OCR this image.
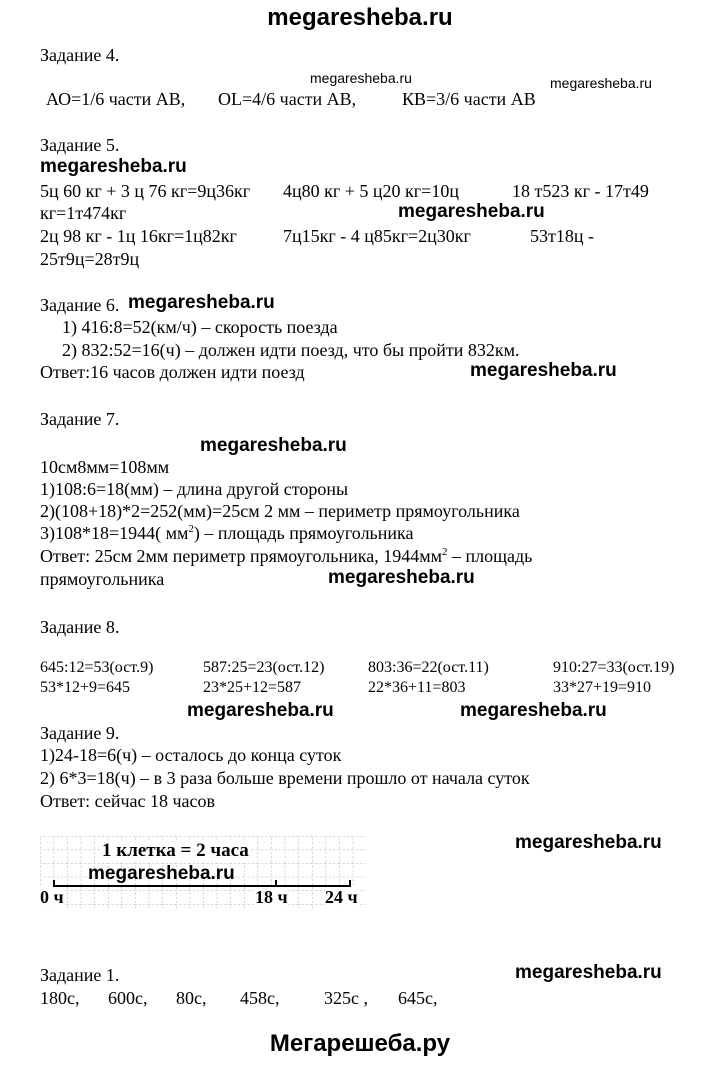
megaresheba.ru
Задание 4.
megaresheba.ru	megaresheba.ru
АО=1/6 части АВ, OL=4/6 части АВ,	КВ=3/6 части АВ
Задание 5.
megaresheba.ru
5ц 60 кг + 3 ц 76 кг=9ц36кг 4ц80 кг + 5 ц20 кг=10ц	18 т523 кг - 17т49
кг=1т474кг	megaresheba.ru
2ц 98 кг - 1ц 16кг=1ц82кг	7ц15кг - 4 ц85кг=2ц30кг	53т18ц -
25т9ц=28т9ц
Задание 6. megaresheba.ru
1) 416:8=52(км/ч) – скорость поезда
2) 832:52=16(ч) – должен идти поезд, что бы пройти 832км.
Ответ:16 часов должен идти поезд	megaresheba.ru
Задание 7.
megaresheba.ru
10см8мм=108мм
1)108:6=18(мм) – длина другой стороны
2)(108+18)*2=252(мм)=25см 2 мм – периметр прямоугольника
3)108*18=1944( $мм^2$) – площадь прямоугольника
Ответ: 25см 2мм периметр прямоугольника, $1944мм^2$ – площадь
прямоугольника	megaresheba.ru
Задание 8.
645:12=53(ост.9)	587:25=23(ост.12)	803:36=22(ост.11)	910:27=33(ост.19)
53*12+9=645	23*25+12=587	22*36+11=803	33*27+19=910
megaresheba.ru	megaresheba.ru
Задание 9.
1)24-18=6(ч) – осталось до конца суток
2) 6*3=18(ч) – в 3 раза больше времени прошло от начала суток
Ответ: сейчас 18 часов
1 клетка = 2 часа
megaresheba.ru
0 ч	18 ч 24 ч
megaresheba.ru
Задание 1.	megaresheba.ru
180с, 600с, 80с, 458с, 325с , 645с,
Мегарешеба.ру
